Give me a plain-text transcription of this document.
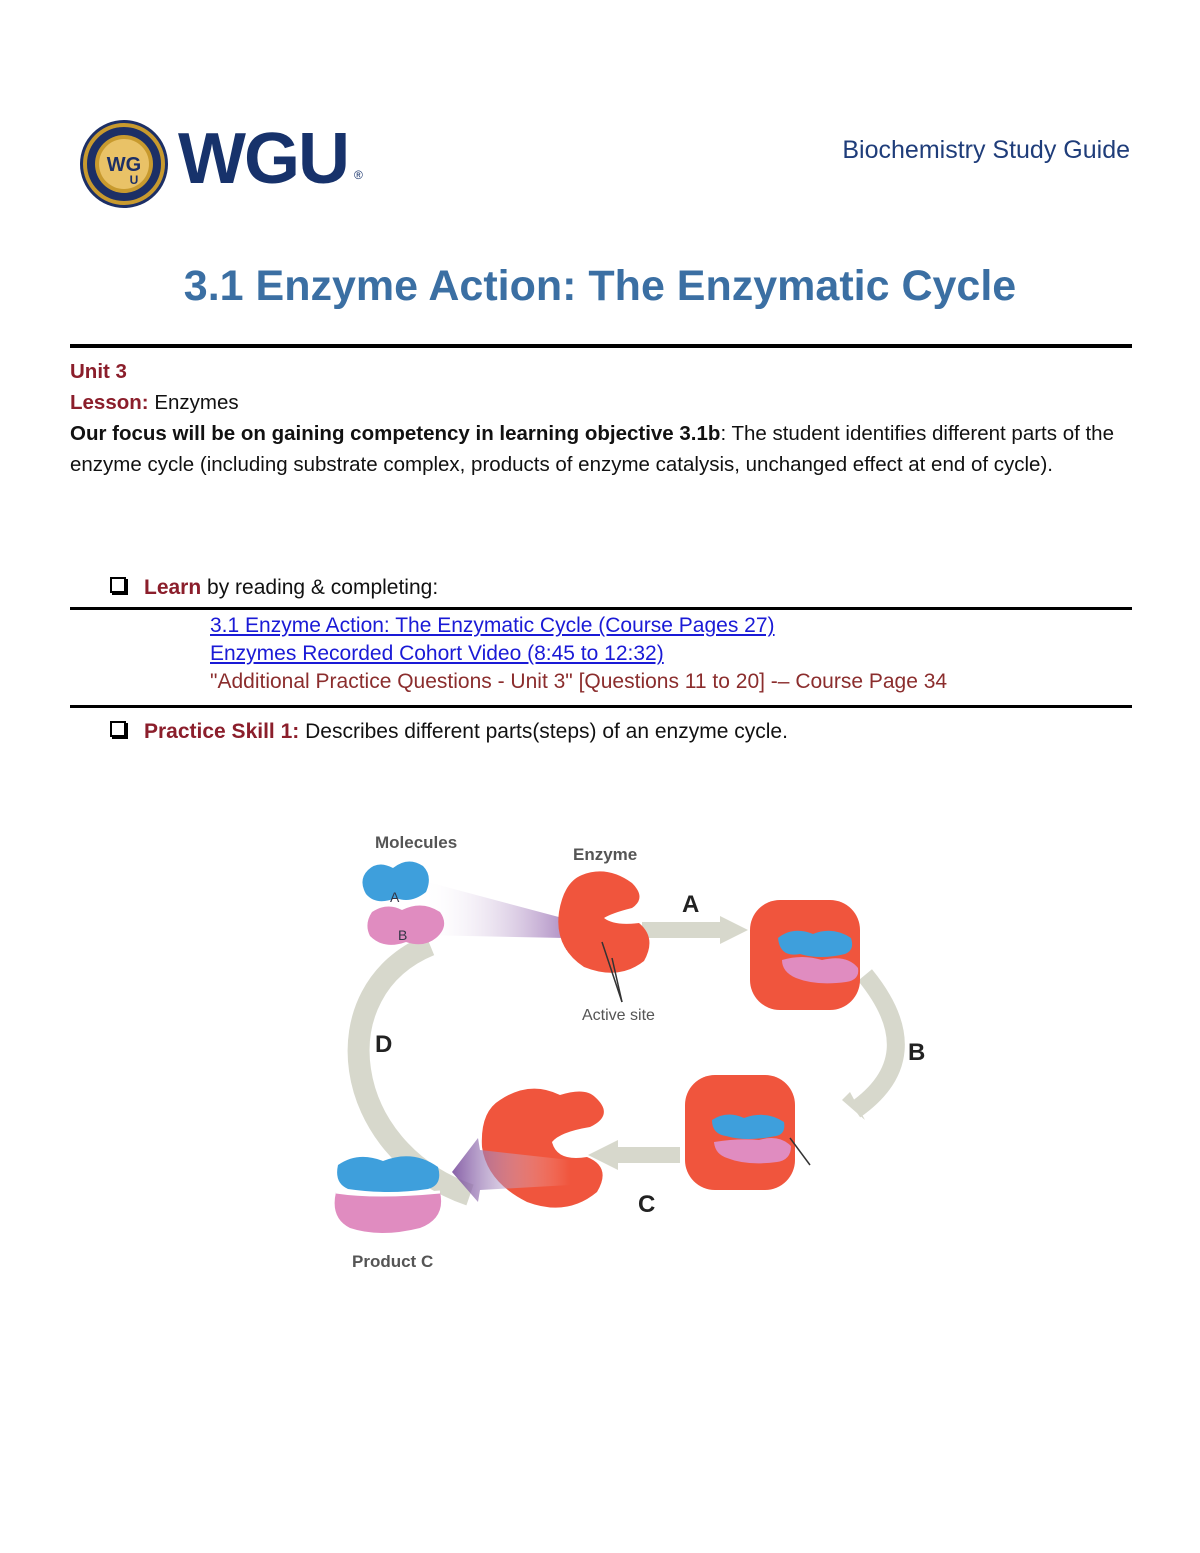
WG
U WGU ®
Biochemistry Study Guide
3.1 Enzyme Action: The Enzymatic Cycle
Unit 3
Lesson: Enzymes
Our focus will be on gaining competency in learning objective 3.1b: The student identifies different parts of the enzyme cycle (including substrate complex, products of enzyme catalysis, unchanged effect at end of cycle).
Learn by reading & completing:
3.1 Enzyme Action: The Enzymatic Cycle (Course Pages 27)
Enzymes Recorded Cohort Video (8:45 to 12:32)
"Additional Practice Questions - Unit 3" [Questions 11 to 20] -– Course Page 34
Practice Skill 1: Describes different parts(steps) of an enzyme cycle.
Molecules
A
B
Enzyme
Active site
A
B
C
D
Product C
